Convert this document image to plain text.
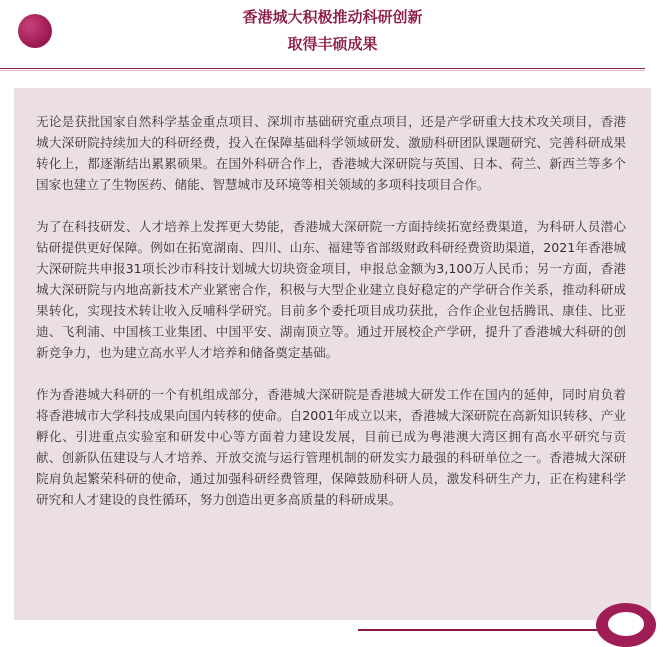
香港城大积极推动科研创新
取得丰硕成果

无论是获批国家自然科学基金重点项目、深圳市基础研究重点项目，还是产学研重大技术攻关项目，香港城大深研院持续加大的科研经费，投入在保障基础科学领域研发、激励科研团队课题研究、完善科研成果转化上，都逐渐结出累累硕果。在国外科研合作上，香港城大深研院与英国、日本、荷兰、新西兰等多个国家也建立了生物医药、储能、智慧城市及环境等相关领域的多项科技项目合作。

为了在科技研发、人才培养上发挥更大势能，香港城大深研院一方面持续拓宽经费渠道，为科研人员潜心钻研提供更好保障。例如在拓宽湖南、四川、山东、福建等省部级财政科研经费资助渠道，2021年香港城大深研院共申报31项长沙市科技计划城大切块资金项目，申报总金额为3,100万人民币；另一方面，香港城大深研院与内地高新技术产业紧密合作，积极与大型企业建立良好稳定的产学研合作关系，推动科研成果转化，实现技术转让收入反哺科学研究。目前多个委托项目成功获批，合作企业包括腾讯、康佳、比亚迪、飞利浦、中国核工业集团、中国平安、湖南顶立等。通过开展校企产学研，提升了香港城大科研的创新竞争力，也为建立高水平人才培养和储备奠定基础。

作为香港城大科研的一个有机组成部分，香港城大深研院是香港城大研发工作在国内的延伸，同时肩负着将香港城市大学科技成果向国内转移的使命。自2001年成立以来，香港城大深研院在高新知识转移、产业孵化、引进重点实验室和研发中心等方面着力建设发展，目前已成为粤港澳大湾区拥有高水平研究与贡献、创新队伍建设与人才培养、开放交流与运行管理机制的研发实力最强的科研单位之一。香港城大深研院肩负起繁荣科研的使命，通过加强科研经费管理，保障鼓励科研人员，激发科研生产力，正在构建科学研究和人才建设的良性循环，努力创造出更多高质量的科研成果。
